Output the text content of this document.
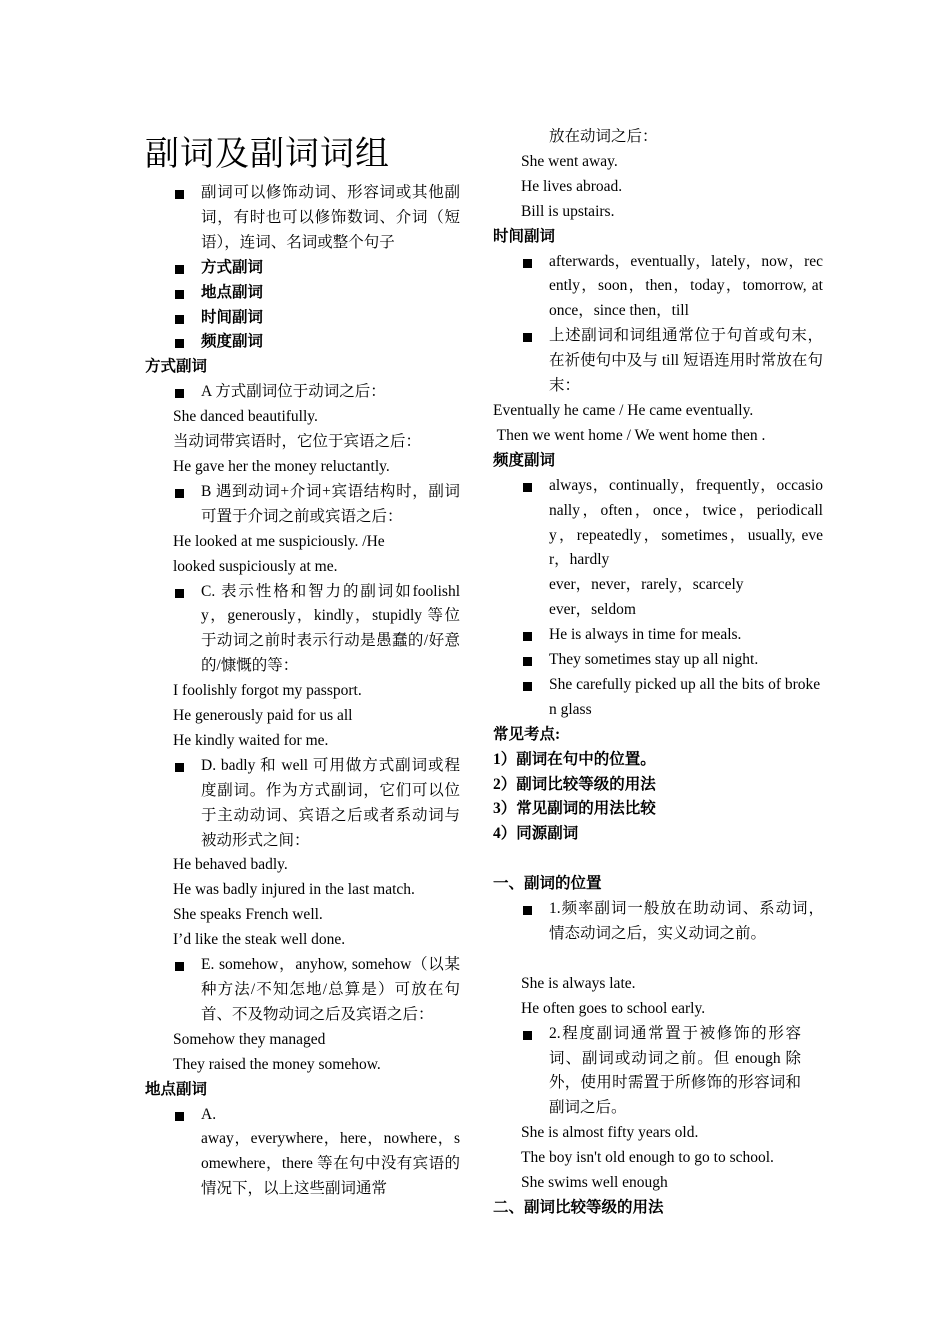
副词及副词词组
副词可以修饰动词、形容词或其他副词，有时也可以修饰数词、介词（短语），连词、名词或整个句子
方式副词
地点副词
时间副词
频度副词
方式副词
A 方式副词位于动词之后：
She danced beautifully.
当动词带宾语时，它位于宾语之后：
He gave her the money reluctantly.
B 遇到动词+介词+宾语结构时，副词可置于介词之前或宾语之后：
He looked at me suspiciously. /He
looked suspiciously at me.
C. 表示性格和智力的副词如foolishly，generously，kindly，stupidly 等位于动词之前时表示行动是愚蠢的/好意的/慷慨的等：
I foolishly forgot my passport.
He generously paid for us all
He kindly waited for me.
D. badly 和 well 可用做方式副词或程度副词。作为方式副词，它们可以位于主动动词、宾语之后或者系动词与被动形式之间：
He behaved badly.
He was badly injured in the last match.
She speaks French well.
I’d like the steak well done.
E. somehow，anyhow, somehow（以某种方法/不知怎地/总算是）可放在句首、不及物动词之后及宾语之后：
Somehow they managed
They raised the money somehow.
地点副词
A.
away，everywhere，here，nowhere，somewhere，there 等在句中没有宾语的情况下，以上这些副词通常
放在动词之后：
She went away.
He lives abroad.
Bill is upstairs.
时间副词
afterwards，eventually，lately，now，recently，soon，then，today，tomorrow, at once，since then，till
上述副词和词组通常位于句首或句末，在祈使句中及与 till 短语连用时常放在句末：
Eventually he came / He came eventually.
Then we went home / We went home then .
频度副词
always，continually，frequently，occasionally，often，once，twice，periodically，repeatedly，sometimes，usually, ever，hardly
ever，never，rarely，scarcely
ever，seldom
He is always in time for meals.
They sometimes stay up all night.
She carefully picked up all the bits of broken glass
常见考点:
1）副词在句中的位置。
2）副词比较等级的用法
3）常见副词的用法比较
4）同源副词
一、副词的位置
1.频率副词一般放在助动词、系动词，情态动词之后，实义动词之前。
She is always late.
He often goes to school early.
2.程度副词通常置于被修饰的形容词、副词或动词之前。但 enough 除外，使用时需置于所修饰的形容词和副词之后。
She is almost fifty years old.
The boy isn't old enough to go to school.
She swims well enough
二、副词比较等级的用法
